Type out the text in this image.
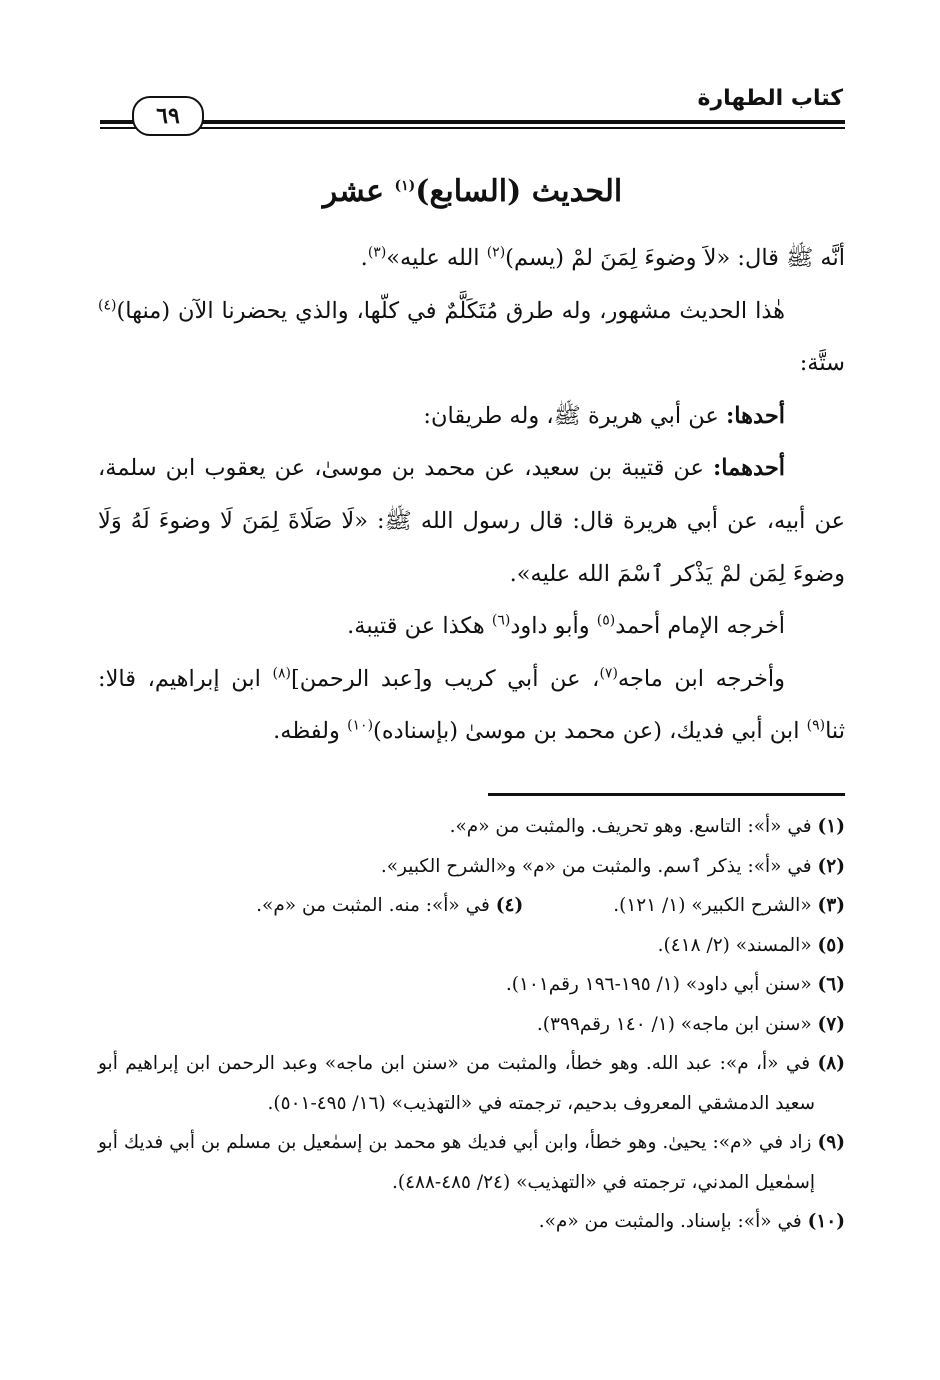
٦٩
كتاب الطهارة
الحديث (السابع)$^{(١)}$ عشر

أنَّه ﷺ قال: «لاَ وضوءَ لِمَنَ لمْ (يسم)$^{(٢)}$ الله عليه»$^{(٣)}$.

هٰذا الحديث مشهور، وله طرق مُتَكَلَّمٌ في كلّها، والذي يحضرنا الآن (منها)$^{(٤)}$ ستَّة:

أحدها: عن أبي هريرة ﷺ، وله طريقان:

أحدهما: عن قتيبة بن سعيد، عن محمد بن موسىٰ، عن يعقوب ابن سلمة، عن أبيه، عن أبي هريرة قال: قال رسول الله ﷺ: «لَا صَلَاةَ لِمَنَ لَا وضوءَ لَهُ وَلَا وضوءَ لِمَن لمْ يَذْكر ٱسْمَ الله عليه».

أخرجه الإمام أحمد$^{(٥)}$ وأبو داود$^{(٦)}$ هكذا عن قتيبة.

وأخرجه ابن ماجه$^{(٧)}$، عن أبي كريب و[عبد الرحمن]$^{(٨)}$ ابن إبراهيم، قالا: ثنا$^{(٩)}$ ابن أبي فديك، (عن محمد بن موسىٰ (بإسناده)$^{(١٠)}$ ولفظه.

(١) في «أ»: التاسع. وهو تحريف. والمثبت من «م».

(٢) في «أ»: يذكر ٱسم. والمثبت من «م» و«الشرح الكبير».

(٣) «الشرح الكبير» (١/ ١٢١).(٤) في «أ»: منه. المثبت من «م».

(٥) «المسند» (٢/ ٤١٨).

(٦) «سنن أبي داود» (١/ ١٩٥-١٩٦ رقم١٠١).

(٧) «سنن ابن ماجه» (١/ ١٤٠ رقم٣٩٩).

(٨) في «أ، م»: عبد الله. وهو خطأ، والمثبت من «سنن ابن ماجه» وعبد الرحمن ابن إبراهيم أبو سعيد الدمشقي المعروف بدحيم، ترجمته في «التهذيب» (١٦/ ٤٩٥-٥٠١).

(٩) زاد في «م»: يحيىٰ. وهو خطأ، وابن أبي فديك هو محمد بن إسمٰعيل بن مسلم بن أبي فديك أبو إسمٰعيل المدني، ترجمته في «التهذيب» (٢٤/ ٤٨٥-٤٨٨).

(١٠) في «أ»: بإسناد. والمثبت من «م».
